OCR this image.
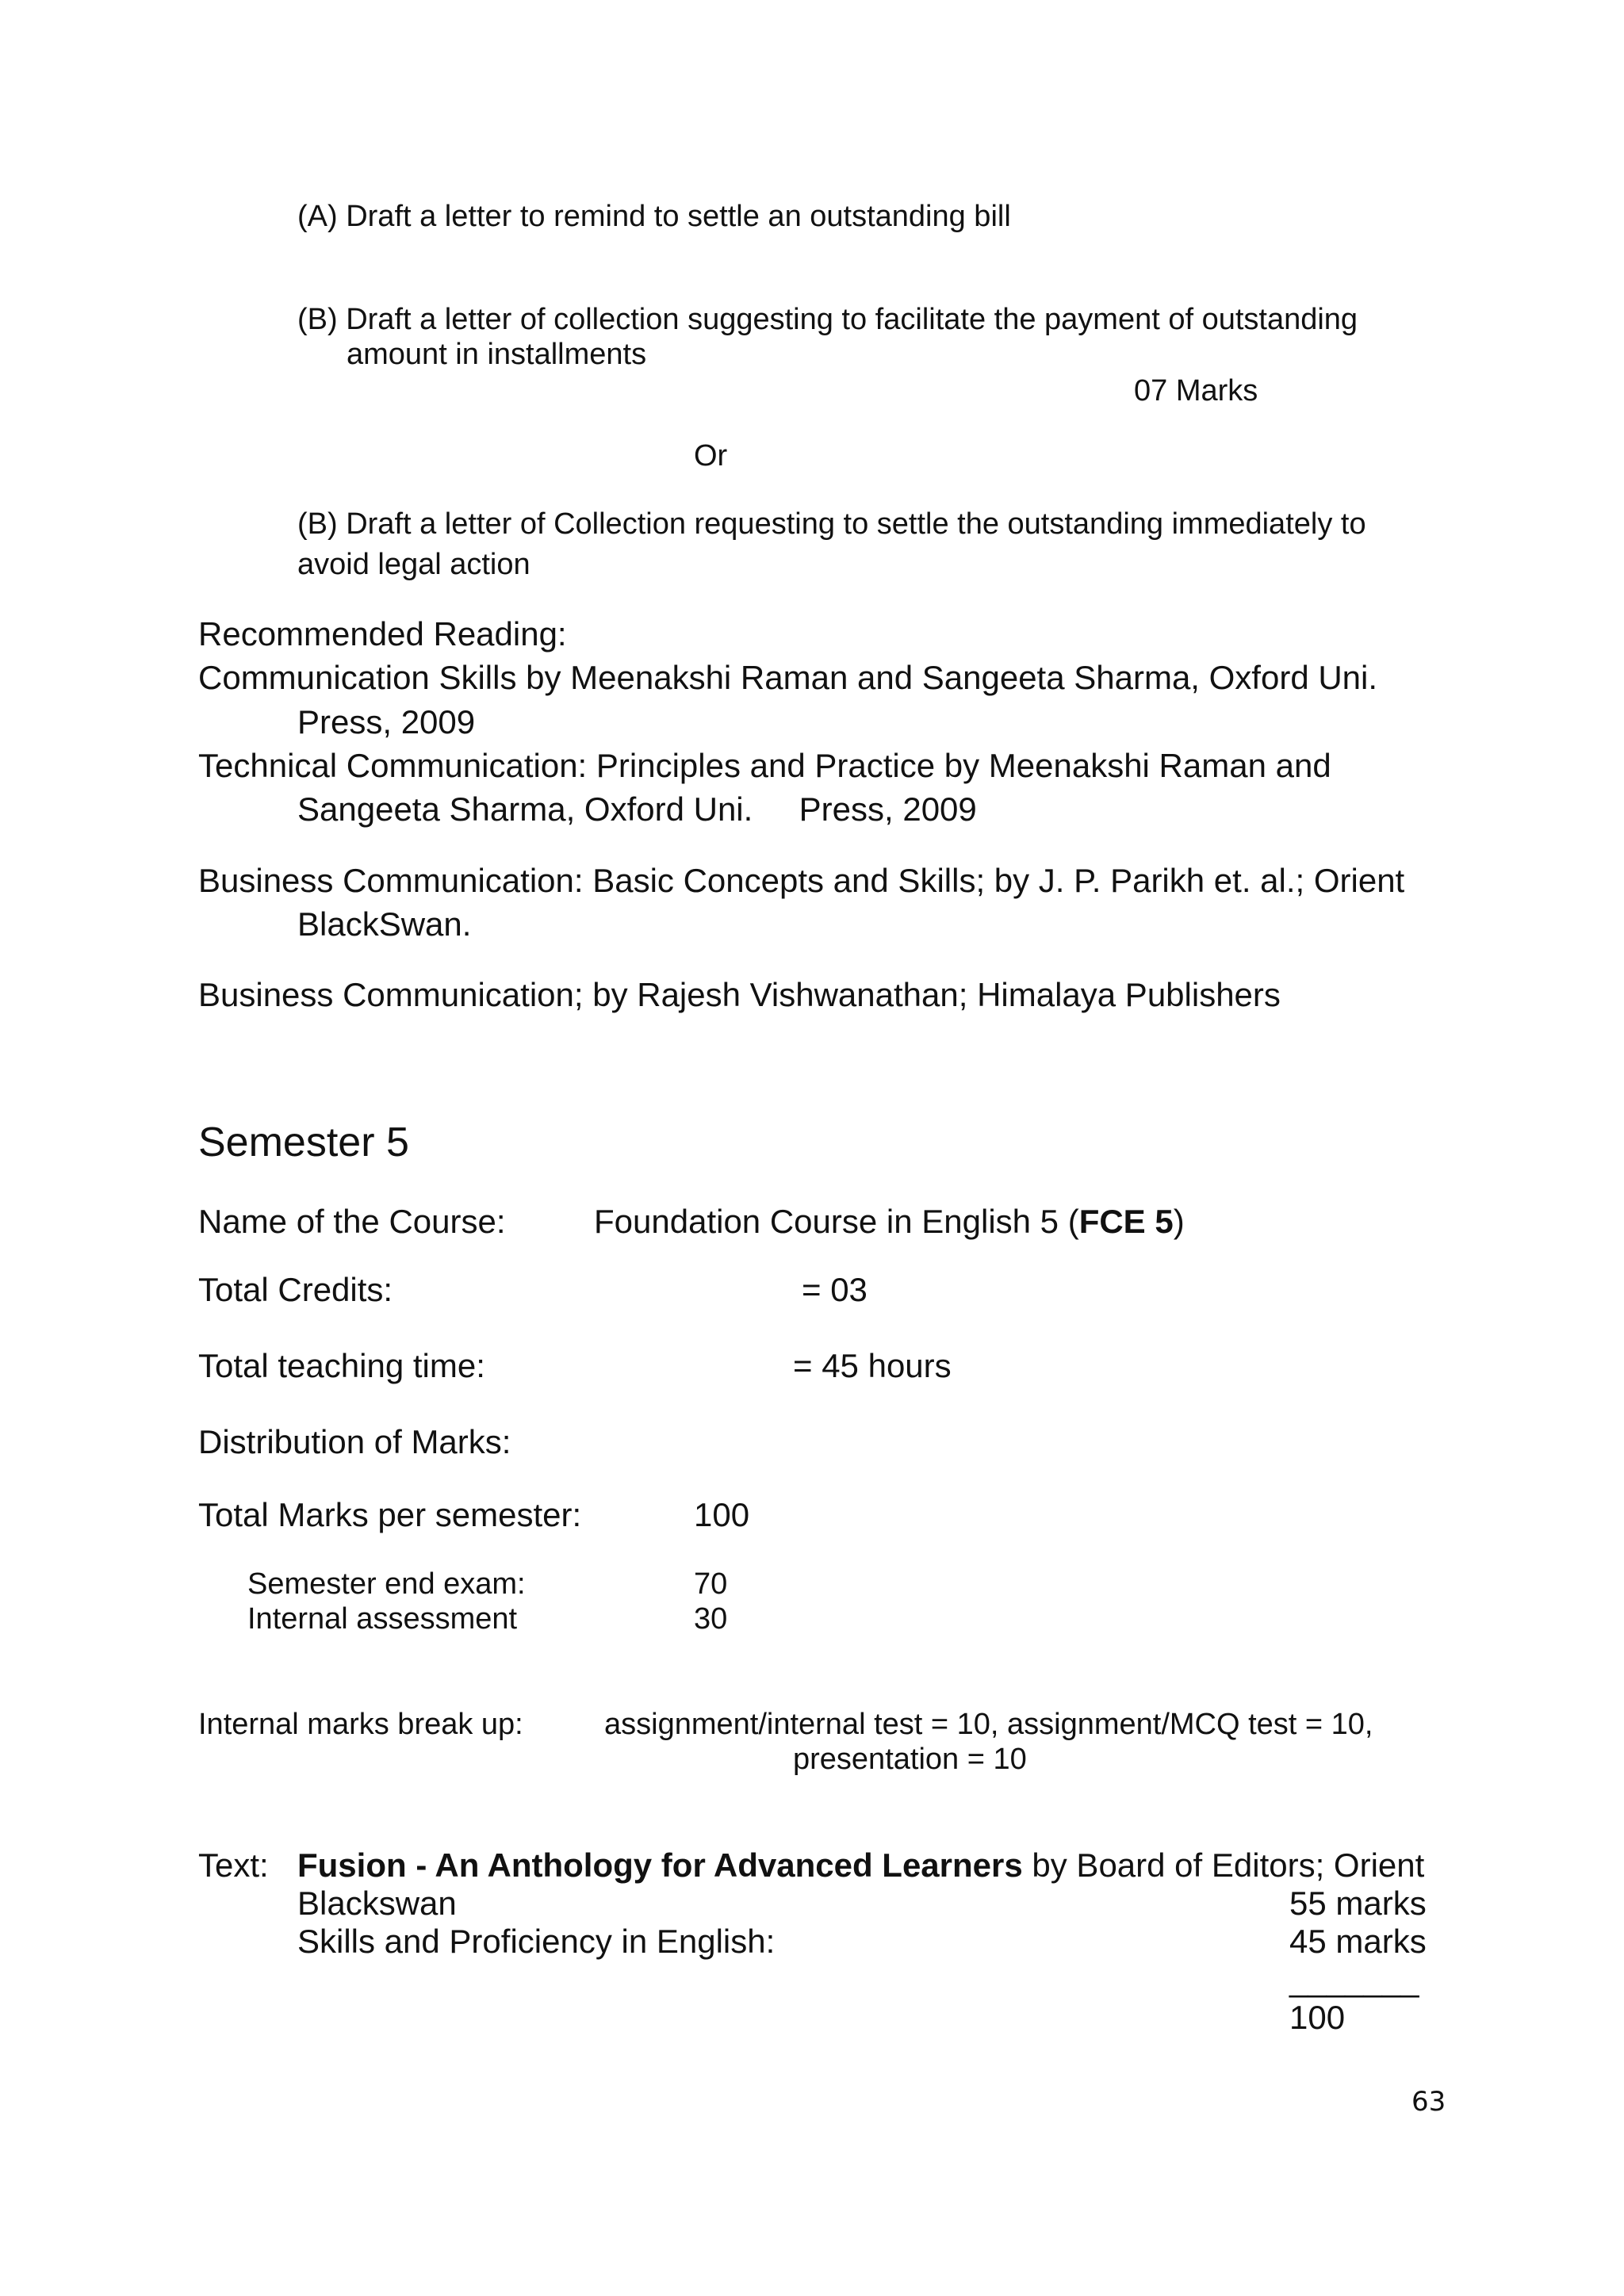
(A) Draft a letter to remind to settle an outstanding bill
(B) Draft a letter of collection suggesting to facilitate the payment of outstanding
amount in installments
07 Marks
Or
(B) Draft a letter of Collection requesting to settle the outstanding immediately to
avoid legal action
Recommended Reading:
Communication Skills by Meenakshi Raman and Sangeeta Sharma, Oxford Uni.
Press, 2009
Technical Communication: Principles and Practice by Meenakshi Raman and
Sangeeta Sharma, Oxford Uni.     Press, 2009
Business Communication: Basic Concepts and Skills; by J. P. Parikh et. al.; Orient
BlackSwan.
Business Communication; by Rajesh Vishwanathan; Himalaya Publishers
Semester 5
Name of the Course:	Foundation Course in English 5 (FCE 5)
Total Credits:	= 03
Total teaching time:	= 45 hours
Distribution of Marks:
Total Marks per semester:	100
Semester end exam:	70
Internal assessment	30
Internal marks break up:	assignment/internal test = 10, assignment/MCQ test = 10,
presentation = 10
Text: Fusion - An Anthology for Advanced Learners by Board of Editors; Orient
Blackswan	55 marks
Skills and Proficiency in English:	45 marks
_______
100
63
